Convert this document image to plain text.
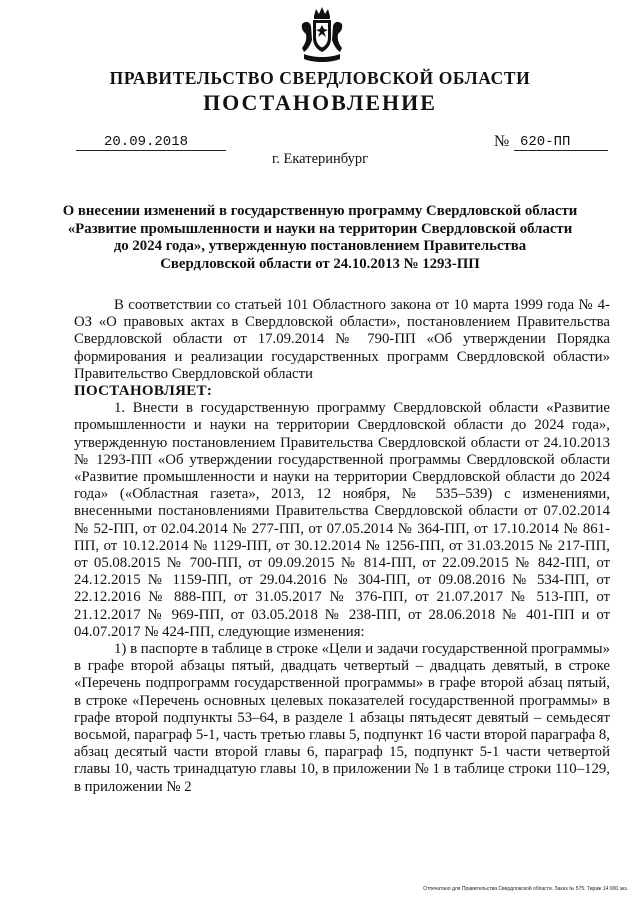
ПРАВИТЕЛЬСТВО СВЕРДЛОВСКОЙ ОБЛАСТИ
ПОСТАНОВЛЕНИЕ
20.09.2018	№ 620-ПП
г. Екатеринбург
О внесении изменений в государственную программу Свердловской области
«Развитие промышленности и науки на территории Свердловской области
до 2024 года», утвержденную постановлением Правительства
Свердловской области от 24.10.2013 № 1293-ПП

В соответствии со статьей 101 Областного закона от 10 марта 1999 года № 4-ОЗ «О правовых актах в Свердловской области», постановлением Правительства Свердловской области от 17.09.2014 № 790-ПП «Об утверждении Порядка формирования и реализации государственных программ Свердловской области» Правительство Свердловской области

ПОСТАНОВЛЯЕТ:

1. Внести в государственную программу Свердловской области «Развитие промышленности и науки на территории Свердловской области до 2024 года», утвержденную постановлением Правительства Свердловской области от 24.10.2013 № 1293-ПП «Об утверждении государственной программы Свердловской области «Развитие промышленности и науки на территории Свердловской области до 2024 года» («Областная газета», 2013, 12 ноября, № 535–539) с изменениями, внесенными постановлениями Правительства Свердловской области от 07.02.2014 № 52-ПП, от 02.04.2014 № 277-ПП, от 07.05.2014 № 364-ПП, от 17.10.2014 № 861-ПП, от 10.12.2014 № 1129-ПП, от 30.12.2014 № 1256-ПП, от 31.03.2015 № 217-ПП, от 05.08.2015 № 700-ПП, от 09.09.2015 № 814-ПП, от 22.09.2015 № 842-ПП, от 24.12.2015 № 1159-ПП, от 29.04.2016 № 304-ПП, от 09.08.2016 № 534-ПП, от 22.12.2016 № 888-ПП, от 31.05.2017 № 376-ПП, от 21.07.2017 № 513-ПП, от 21.12.2017 № 969-ПП, от 03.05.2018 № 238-ПП, от 28.06.2018 № 401-ПП и от 04.07.2017 № 424-ПП, следующие изменения:

1) в паспорте в таблице в строке «Цели и задачи государственной программы» в графе второй абзацы пятый, двадцать четвертый – двадцать девятый, в строке «Перечень подпрограмм государственной программы» в графе второй абзац пятый, в строке «Перечень основных целевых показателей государственной программы» в графе второй подпункты 53–64, в разделе 1 абзацы пятьдесят девятый – семьдесят восьмой, параграф 5-1, часть третью главы 5, подпункт 16 части второй параграфа 8, абзац десятый части второй главы 6, параграф 15, подпункт 5-1 части четвертой главы 10, часть тринадцатую главы 10, в приложении № 1 в таблице строки 110–129, в приложении № 2

Отпечатано для Правительства Свердловской области. Заказ № 575. Тираж 14 000 экз.
